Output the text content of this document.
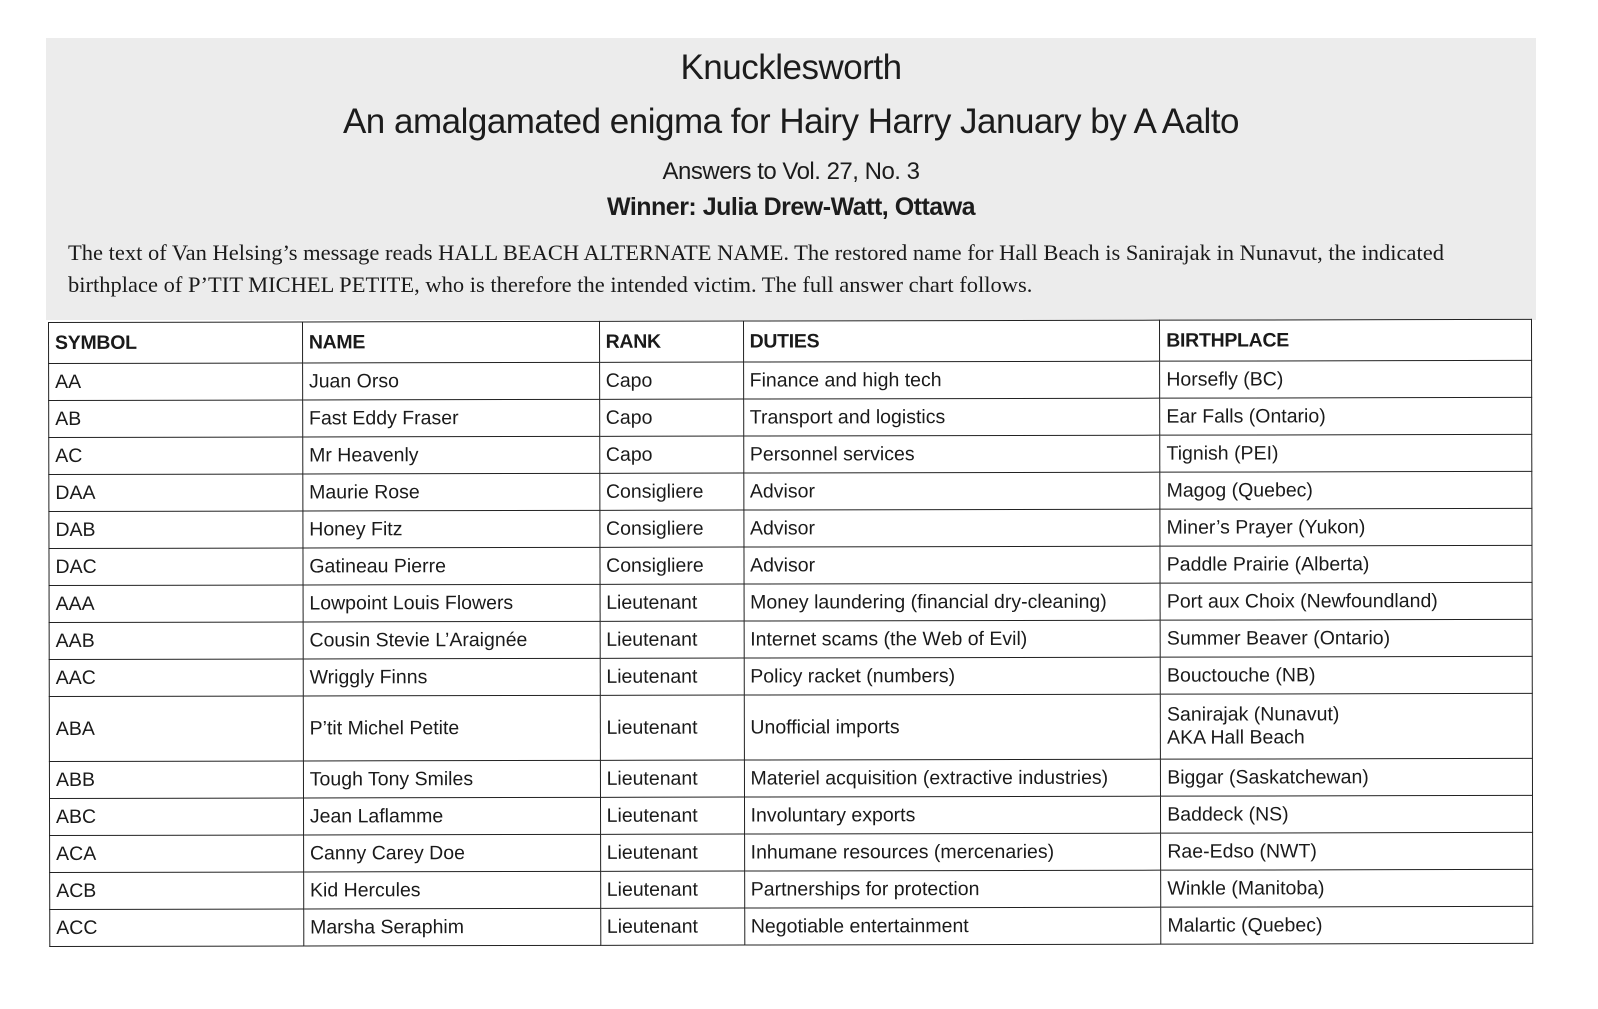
Knucklesworth
An amalgamated enigma for Hairy Harry January by A Aalto
Answers to Vol. 27, No. 3
Winner: Julia Drew-Watt, Ottawa
The text of Van Helsing’s message reads HALL BEACH ALTERNATE NAME. The restored name for Hall Beach is Sanirajak in Nunavut, the indicated birthplace of P’TIT MICHEL PETITE, who is therefore the intended victim. The full answer chart follows.
SYMBOL	NAME	RANK	DUTIES	BIRTHPLACE
AA	Juan Orso	Capo	Finance and high tech	Horsefly (BC)
AB	Fast Eddy Fraser	Capo	Transport and logistics	Ear Falls (Ontario)
AC	Mr Heavenly	Capo	Personnel services	Tignish (PEI)
DAA	Maurie Rose	Consigliere	Advisor	Magog (Quebec)
DAB	Honey Fitz	Consigliere	Advisor	Miner’s Prayer (Yukon)
DAC	Gatineau Pierre	Consigliere	Advisor	Paddle Prairie (Alberta)
AAA	Lowpoint Louis Flowers	Lieutenant	Money laundering (financial dry-cleaning)	Port aux Choix (Newfoundland)
AAB	Cousin Stevie L’Araignée	Lieutenant	Internet scams (the Web of Evil)	Summer Beaver (Ontario)
AAC	Wriggly Finns	Lieutenant	Policy racket (numbers)	Bouctouche (NB)
ABA	P’tit Michel Petite	Lieutenant	Unofficial imports	Sanirajak (Nunavut)
AKA Hall Beach

ABB	Tough Tony Smiles	Lieutenant	Materiel acquisition (extractive industries)	Biggar (Saskatchewan)
ABC	Jean Laflamme	Lieutenant	Involuntary exports	Baddeck (NS)
ACA	Canny Carey Doe	Lieutenant	Inhumane resources (mercenaries)	Rae-Edso (NWT)
ACB	Kid Hercules	Lieutenant	Partnerships for protection	Winkle (Manitoba)
ACC	Marsha Seraphim	Lieutenant	Negotiable entertainment	Malartic (Quebec)
